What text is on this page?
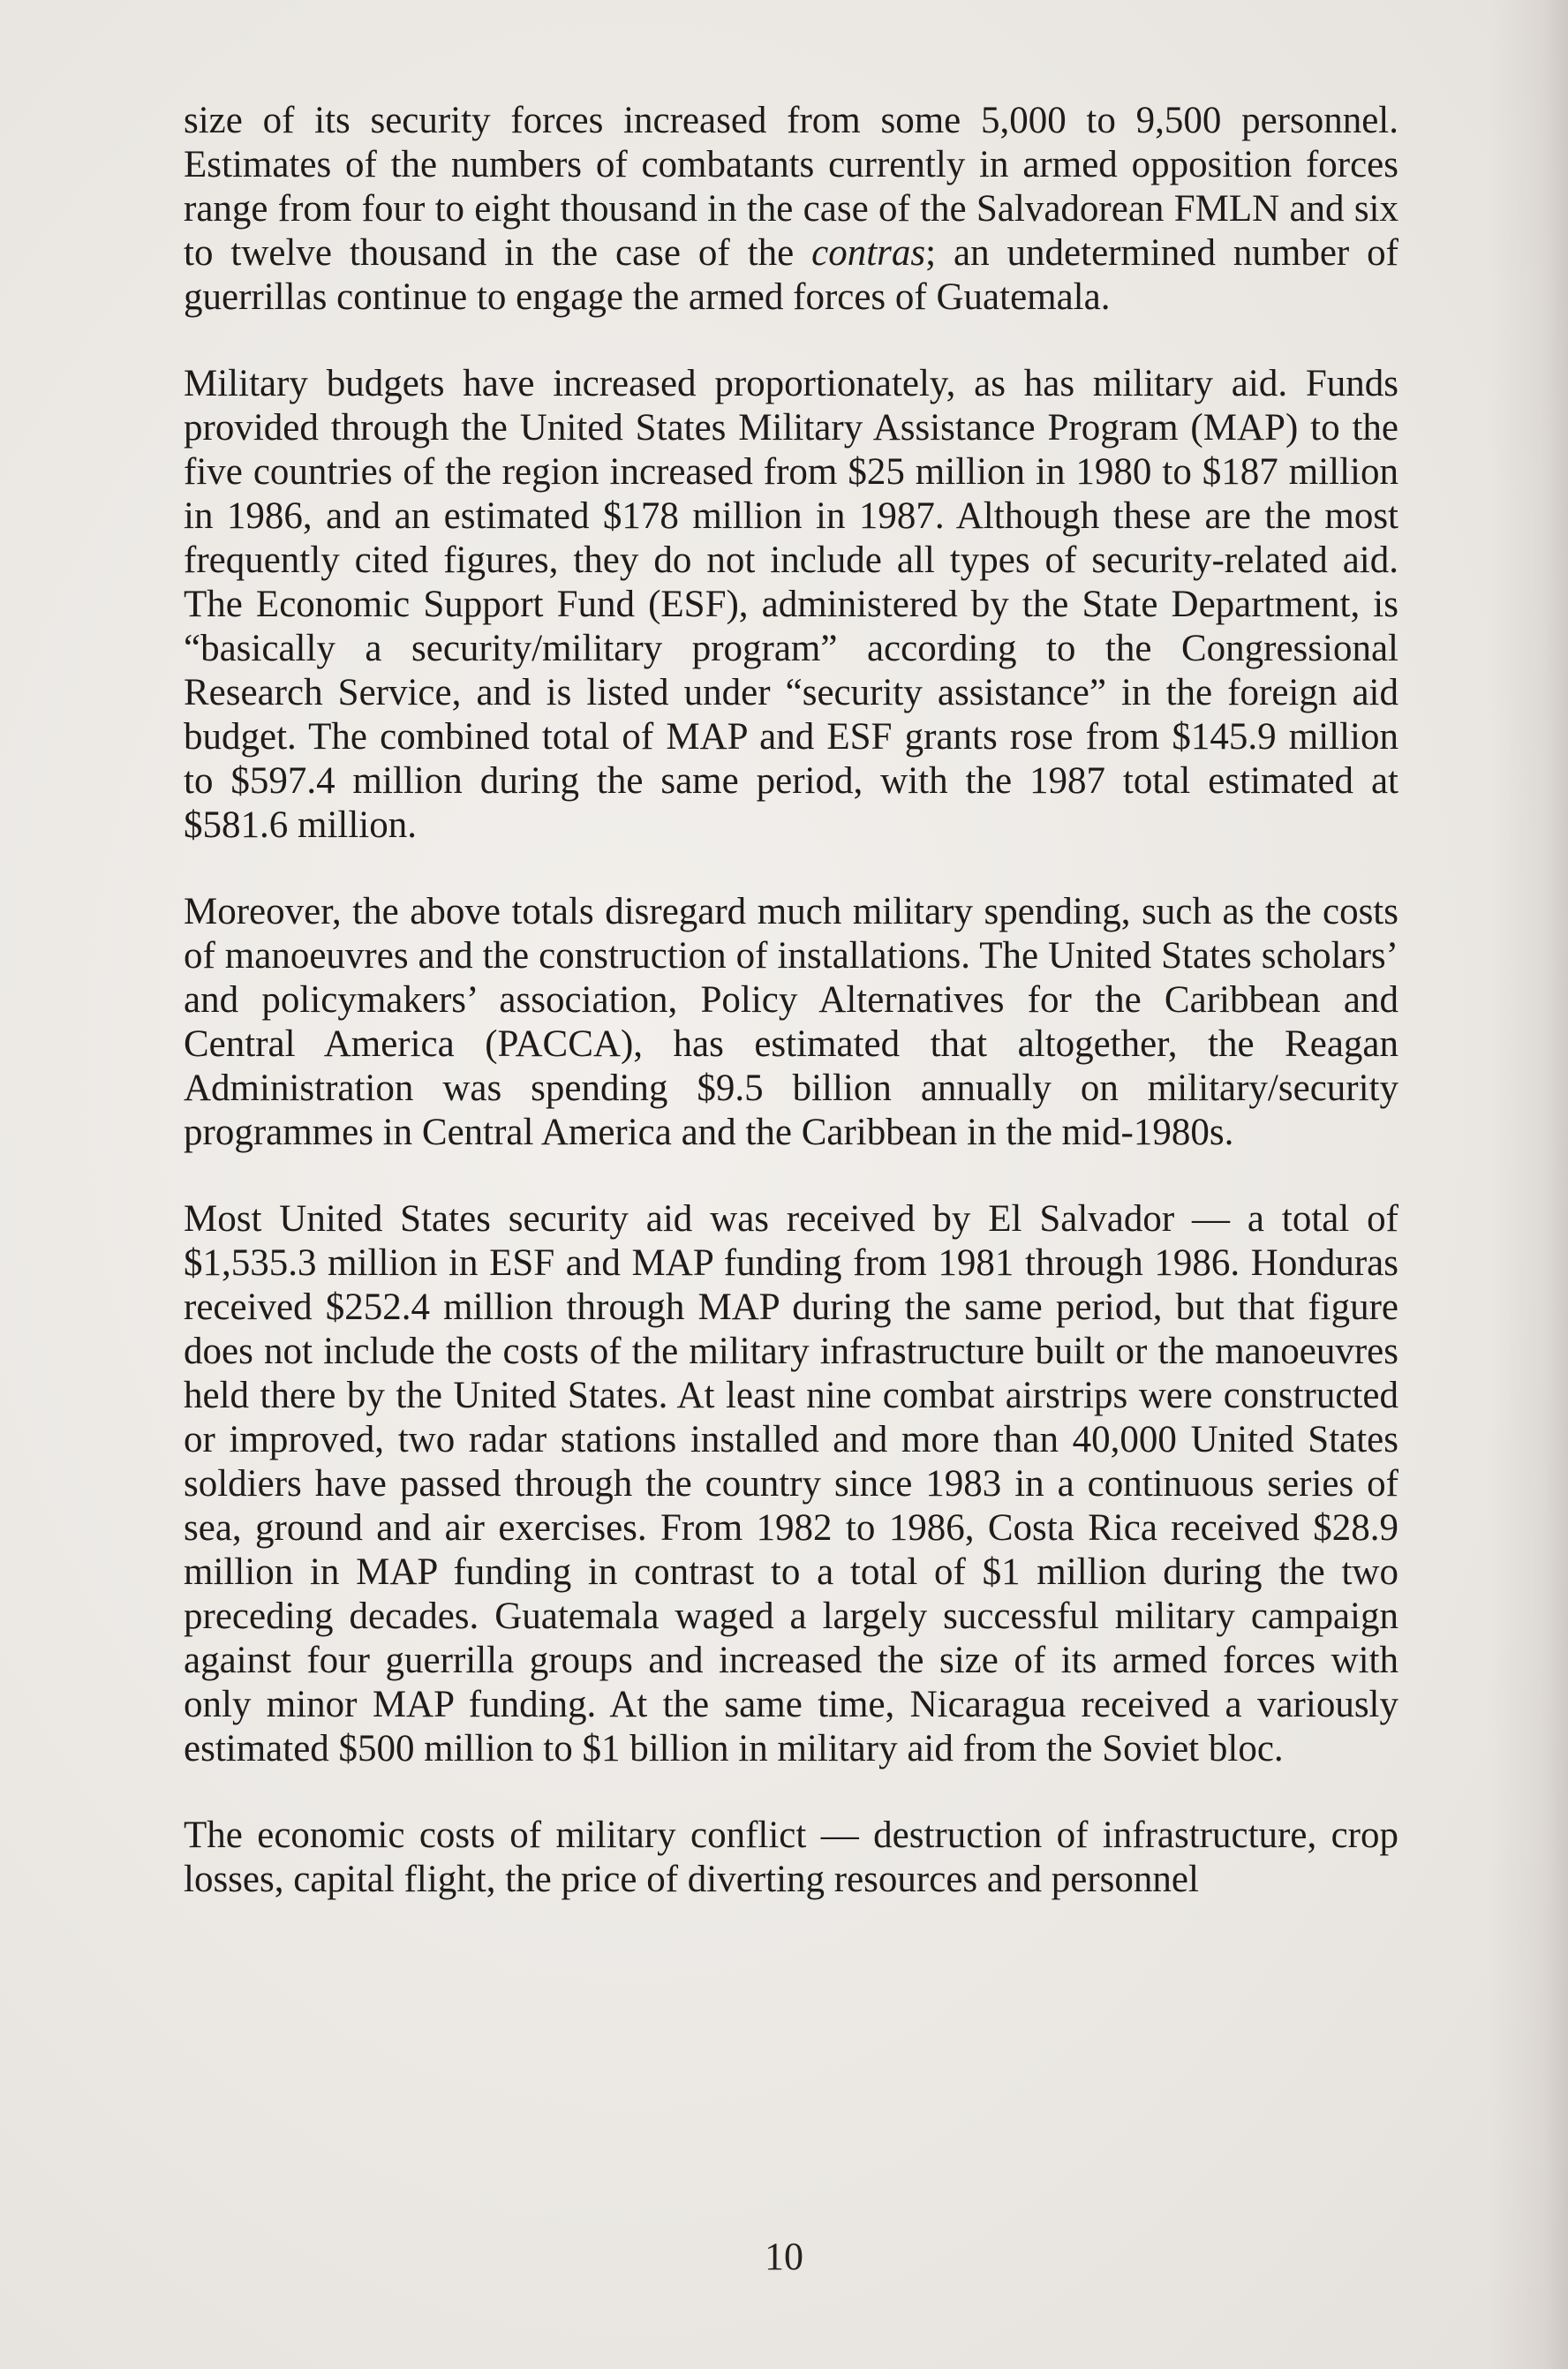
size of its security forces increased from some 5,000 to 9,500 personnel. Estimates of the numbers of combatants currently in armed opposition forces range from four to eight thousand in the case of the Salvadorean FMLN and six to twelve thousand in the case of the contras; an undetermined number of guerrillas continue to engage the armed forces of Guatemala.

Military budgets have increased proportionately, as has military aid. Funds provided through the United States Military Assistance Program (MAP) to the five countries of the region increased from $25 million in 1980 to $187 million in 1986, and an estimated $178 million in 1987. Although these are the most frequently cited figures, they do not include all types of security-related aid. The Economic Support Fund (ESF), administered by the State Department, is “basically a security/military program” according to the Congressional Research Service, and is listed under “security assistance” in the foreign aid budget. The combined total of MAP and ESF grants rose from $145.9 million to $597.4 million during the same period, with the 1987 total estimated at $581.6 million.

Moreover, the above totals disregard much military spending, such as the costs of manoeuvres and the construction of installations. The United States scholars’ and policymakers’ association, Policy Alternatives for the Caribbean and Central America (PACCA), has estimated that altogether, the Reagan Administration was spending $9.5 billion annually on military/security programmes in Central America and the Caribbean in the mid-1980s.

Most United States security aid was received by El Salvador — a total of $1,535.3 million in ESF and MAP funding from 1981 through 1986. Honduras received $252.4 million through MAP during the same period, but that figure does not include the costs of the military infrastructure built or the manoeuvres held there by the United States. At least nine combat airstrips were constructed or improved, two radar stations installed and more than 40,000 United States soldiers have passed through the country since 1983 in a continuous series of sea, ground and air exercises. From 1982 to 1986, Costa Rica received $28.9 million in MAP funding in contrast to a total of $1 million during the two preceding decades. Guatemala waged a largely successful military campaign against four guerrilla groups and increased the size of its armed forces with only minor MAP funding. At the same time, Nicaragua received a variously estimated $500 million to $1 billion in military aid from the Soviet bloc.

The economic costs of military conflict — destruction of infrastructure, crop losses, capital flight, the price of diverting resources and personnel

10
